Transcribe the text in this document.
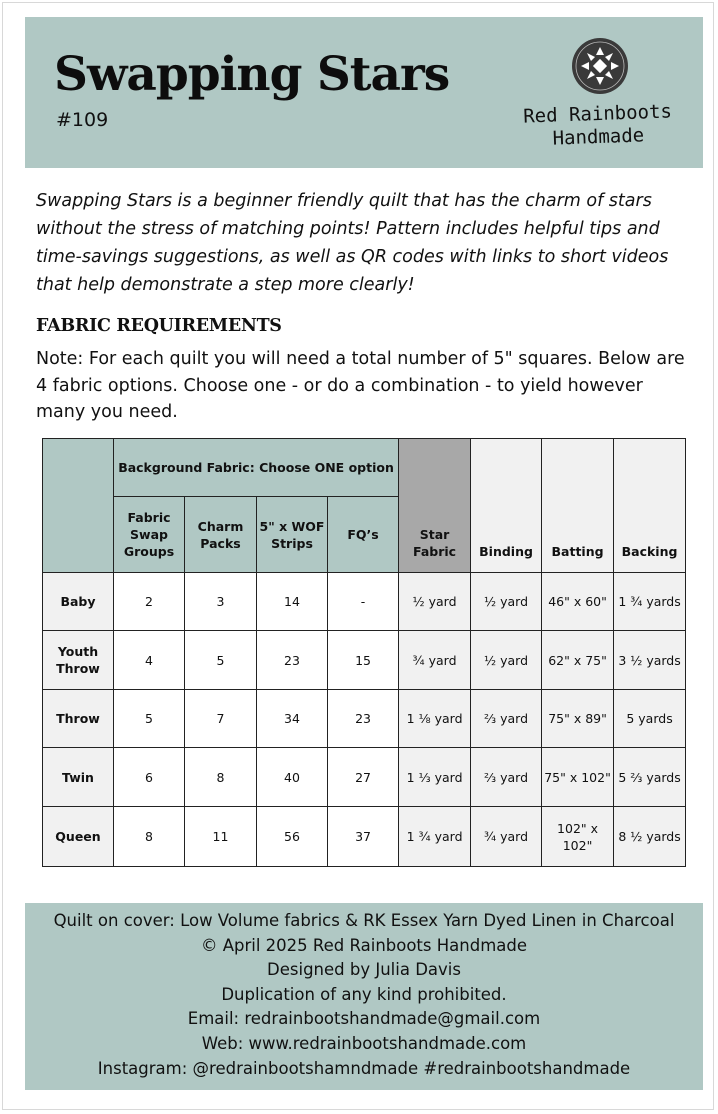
Swapping Stars
#109	Red Rainboots
Handmade

Swapping Stars is a beginner friendly quilt that has the charm of stars without the stress of matching points! Pattern includes helpful tips and time-savings suggestions, as well as QR codes with links to short videos that help demonstrate a step more clearly!

FABRIC REQUIREMENTS
Note: For each quilt you will need a total number of 5" squares. Below are 4 fabric options. Choose one - or do a combination - to yield however many you need.
	Background Fabric: Choose ONE option				Star Fabric	Binding	Batting	Backing
	Fabric Swap Groups	Charm Packs	5" x WOF Strips	FQ’s				
Baby	2	3	14	-	½ yard	½ yard	46" x 60"	1 ¾ yards
Youth Throw	4	5	23	15	¾ yard	½ yard	62" x 75"	3 ½ yards
Throw	5	7	34	23	1 ⅛ yard	⅔ yard	75" x 89"	5 yards
Twin	6	8	40	27	1 ⅓ yard	⅔ yard	75" x 102"	5 ⅔ yards
Queen	8	11	56	37	1 ¾ yard	¾ yard	102" x 102"	8 ½ yards
Quilt on cover: Low Volume fabrics & RK Essex Yarn Dyed Linen in Charcoal
© April 2025 Red Rainboots Handmade
Designed by Julia Davis
Duplication of any kind prohibited.
Email: redrainbootshandmade@gmail.com
Web: www.redrainbootshandmade.com
Instagram: @redrainbootshamndmade #redrainbootshandmade
